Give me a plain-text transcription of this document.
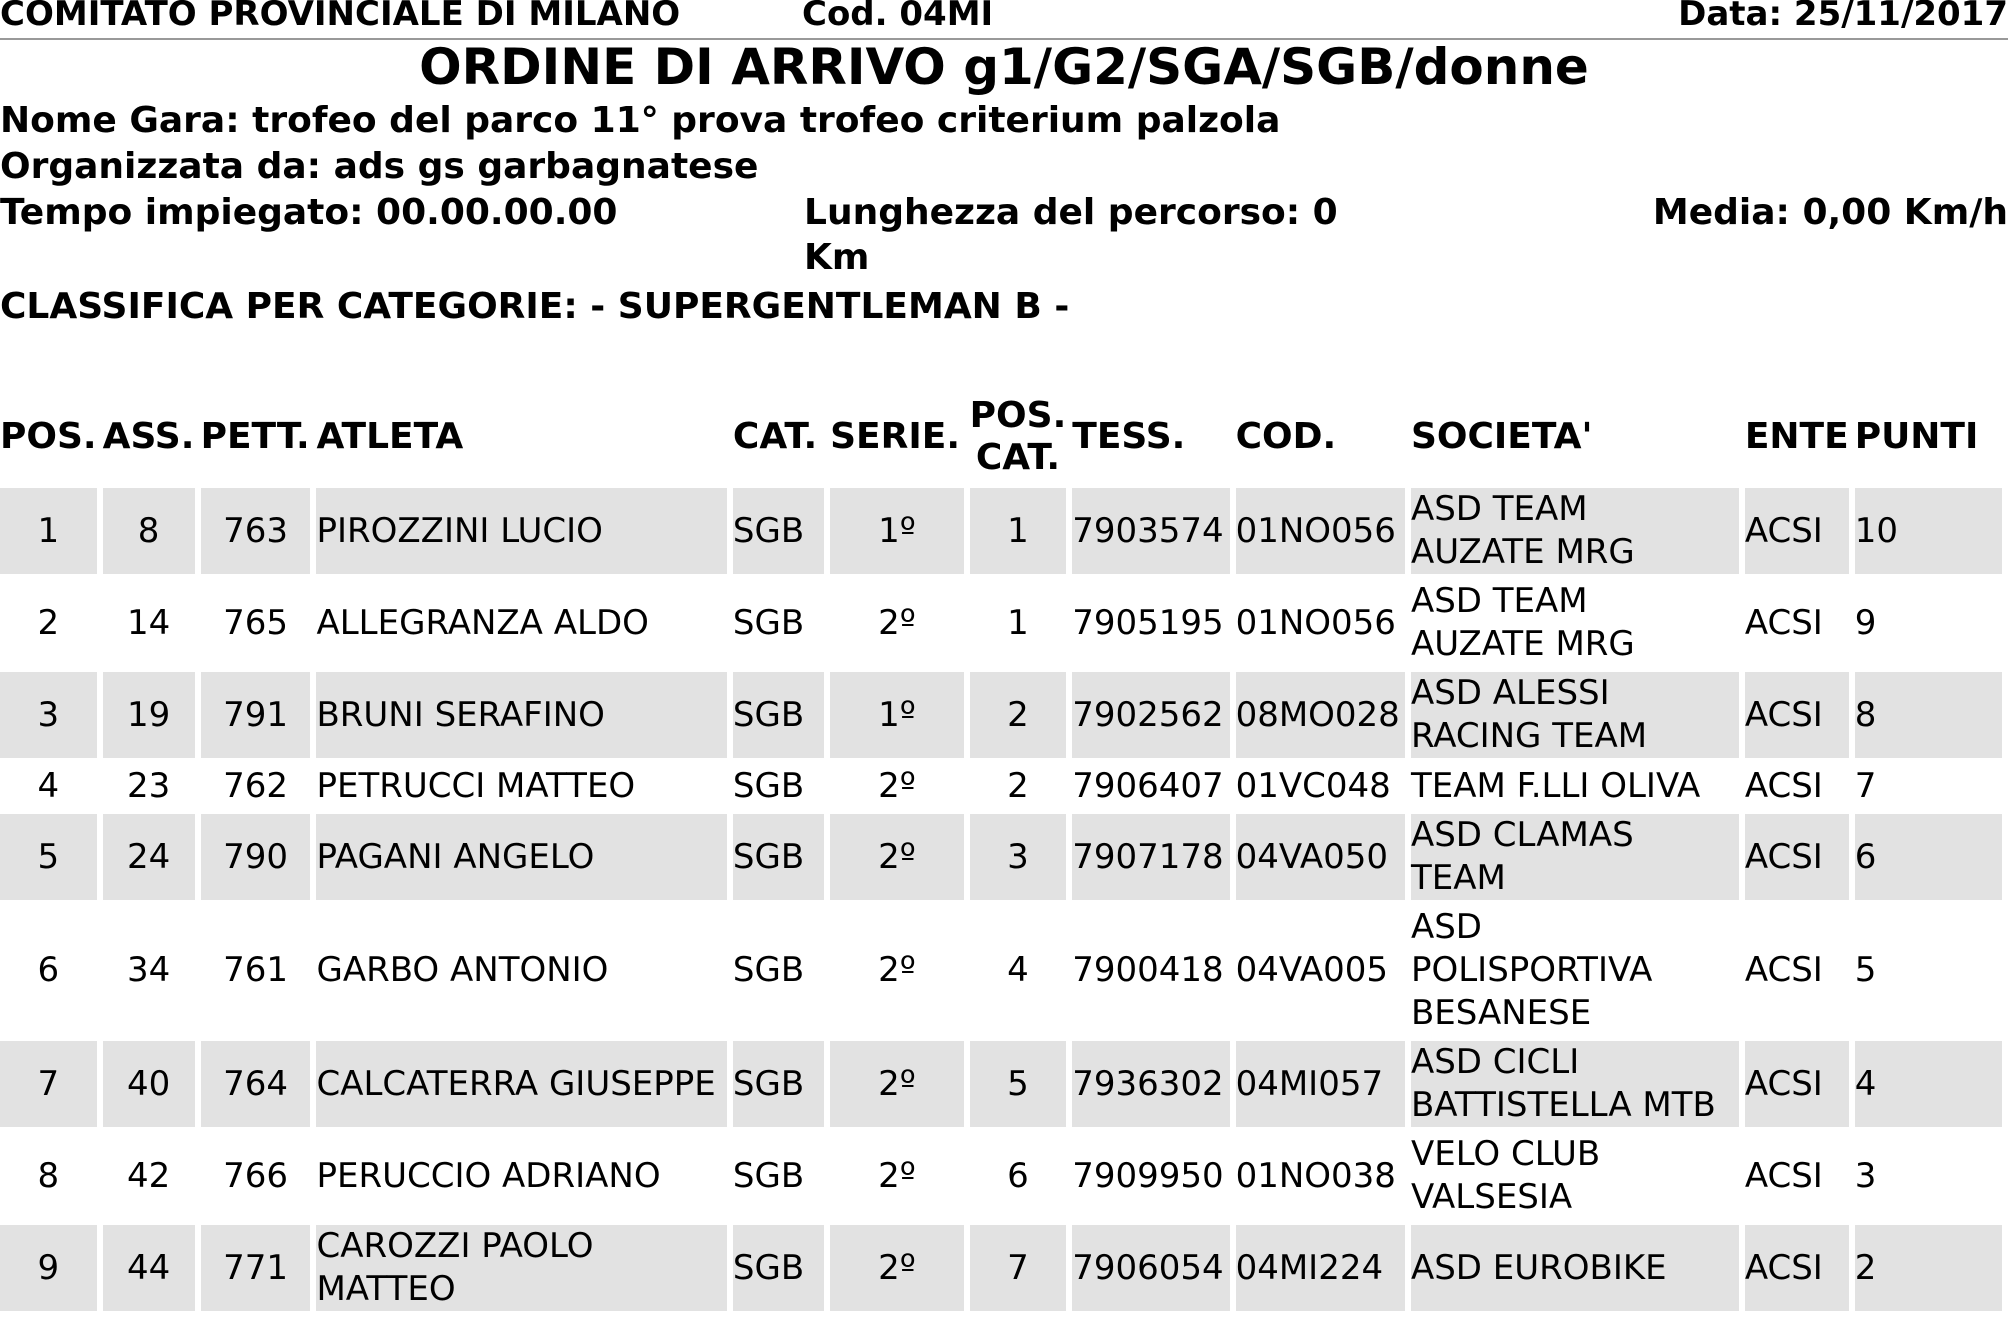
COMITATO PROVINCIALE DI MILANO	Cod. 04MI	Data: 25/11/2017
ORDINE DI ARRIVO g1/G2/SGA/SGB/donne
Nome Gara: trofeo del parco 11° prova trofeo criterium palzola
Organizzata da: ads gs garbagnatese
Tempo impiegato: 00.00.00.00	Lunghezza del percorso: 0
Km
Media: 0,00 Km/h
CLASSIFICA PER CATEGORIE: - SUPERGENTLEMAN B -
POS.	ASS.	PETT.	ATLETA	CAT.	SERIE.	POS.
CAT.	TESS.	COD.	SOCIETA'	ENTE	PUNTI
1	8	763	PIROZZINI LUCIO	SGB	1º	1	7903574	01NO056	ASD TEAM
AUZATE MRG	ACSI	10
2	14	765	ALLEGRANZA ALDO	SGB	2º	1	7905195	01NO056	ASD TEAM
AUZATE MRG	ACSI	9
3	19	791	BRUNI SERAFINO	SGB	1º	2	7902562	08MO028	ASD ALESSI
RACING TEAM	ACSI	8
4	23	762	PETRUCCI MATTEO	SGB	2º	2	7906407	01VC048	TEAM F.LLI OLIVA	ACSI	7
5	24	790	PAGANI ANGELO	SGB	2º	3	7907178	04VA050	ASD CLAMAS
TEAM	ACSI	6
6	34	761	GARBO ANTONIO	SGB	2º	4	7900418	04VA005	ASD
POLISPORTIVA
BESANESE	ACSI	5
7	40	764	CALCATERRA GIUSEPPE	SGB	2º	5	7936302	04MI057	ASD CICLI
BATTISTELLA MTB	ACSI	4
8	42	766	PERUCCIO ADRIANO	SGB	2º	6	7909950	01NO038	VELO CLUB
VALSESIA	ACSI	3
9	44	771	CAROZZI PAOLO MATTEO	SGB	2º	7	7906054	04MI224	ASD EUROBIKE	ACSI	2
